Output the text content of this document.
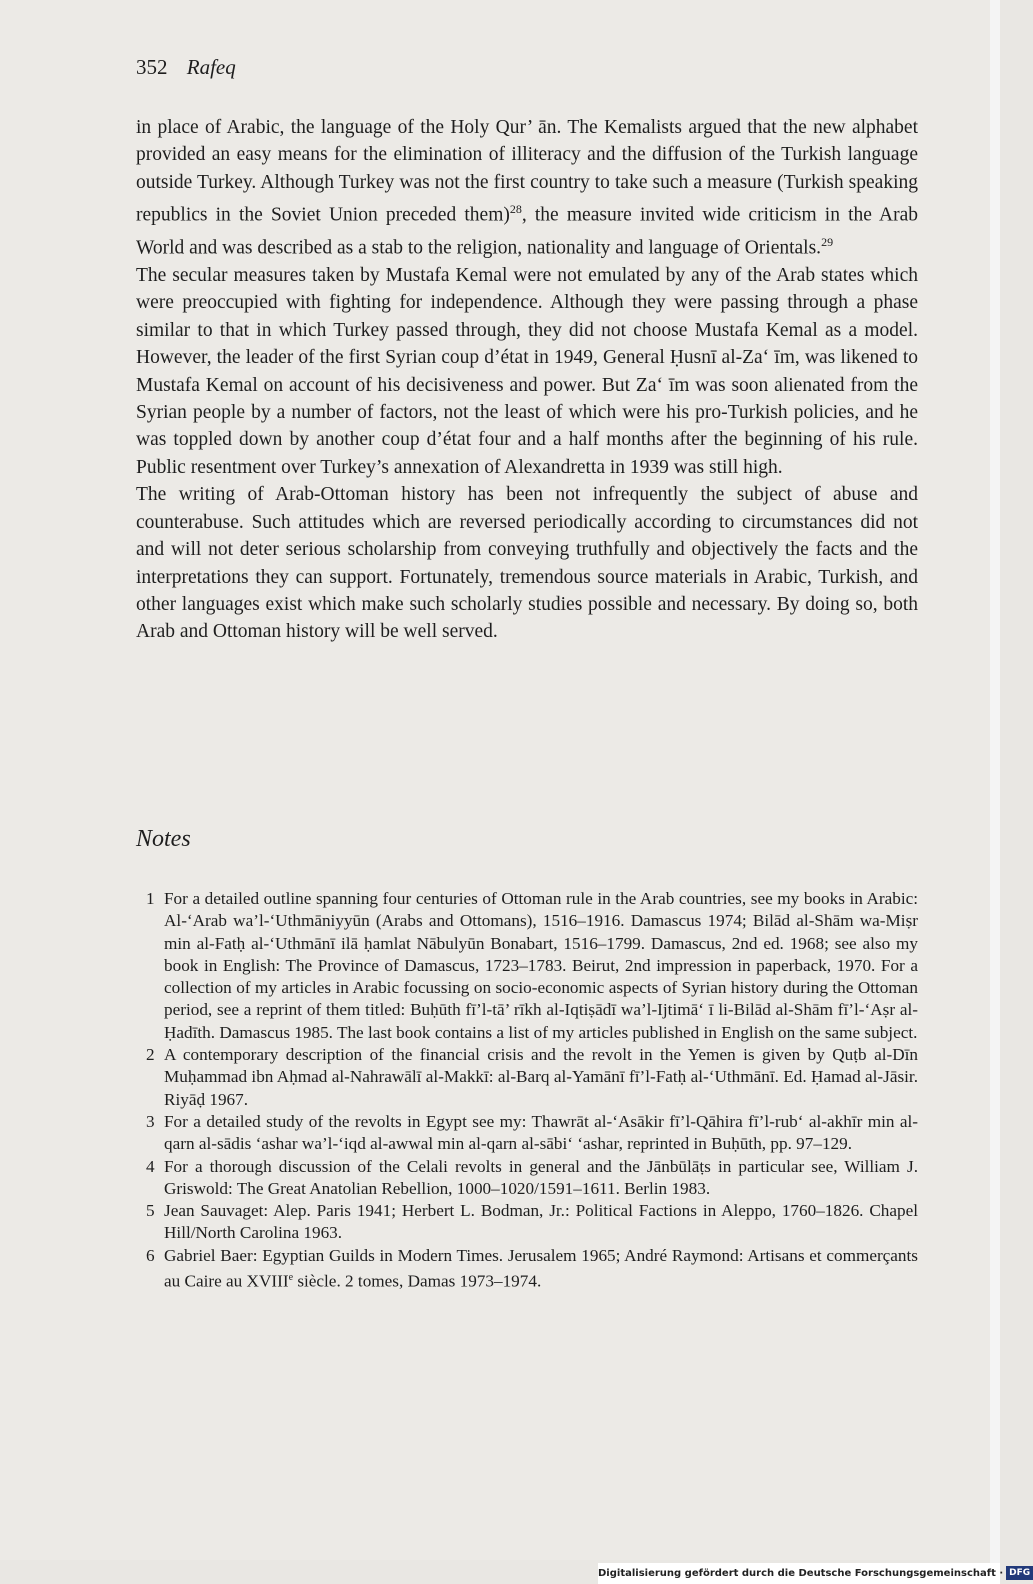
352 Rafeq

in place of Arabic, the language of the Holy Qur’ ān. The Kemalists argued that the new alphabet provided an easy means for the elimination of illiteracy and the diffusion of the Turkish language outside Turkey. Although Turkey was not the first country to take such a measure (Turkish speaking republics in the Soviet Union preceded them)$^{28}$, the measure invited wide criticism in the Arab World and was described as a stab to the religion, nationality and language of Orientals.$^{29}$

The secular measures taken by Mustafa Kemal were not emulated by any of the Arab states which were preoccupied with fighting for independence. Although they were passing through a phase similar to that in which Turkey passed through, they did not choose Mustafa Kemal as a model. However, the leader of the first Syrian coup d’état in 1949, General Ḥusnī al-Za‘ īm, was likened to Mustafa Kemal on account of his decisiveness and power. But Za‘ īm was soon alienated from the Syrian people by a number of factors, not the least of which were his pro-Turkish policies, and he was toppled down by another coup d’état four and a half months after the beginning of his rule. Public resentment over Turkey’s annexation of Alexandretta in 1939 was still high.

The writing of Arab-Ottoman history has been not infrequently the subject of abuse and counterabuse. Such attitudes which are reversed periodically according to circumstances did not and will not deter serious scholarship from conveying truthfully and objectively the facts and the interpretations they can support. Fortunately, tremendous source materials in Arabic, Turkish, and other languages exist which make such scholarly studies possible and necessary. By doing so, both Arab and Ottoman history will be well served.

Notes
1 For a detailed outline spanning four centuries of Ottoman rule in the Arab countries, see my books in Arabic: Al-‘Arab wa’l-‘Uthmāniyyūn (Arabs and Ottomans), 1516–1916. Damascus 1974; Bilād al-Shām wa-Miṣr min al-Fatḥ al-‘Uthmānī ilā ḥamlat Nābulyūn Bonabart, 1516–1799. Damascus, 2nd ed. 1968; see also my book in English: The Province of Damascus, 1723–1783. Beirut, 2nd impression in paperback, 1970. For a collection of my articles in Arabic focussing on socio-economic aspects of Syrian history during the Ottoman period, see a reprint of them titled: Buḥūth fī’l-tā’ rīkh al-Iqtiṣādī wa’l-Ijtimā‘ ī li-Bilād al-Shām fī’l-‘Aṣr al-Ḥadīth. Damascus 1985. The last book contains a list of my articles published in English on the same subject.
2 A contemporary description of the financial crisis and the revolt in the Yemen is given by Quṭb al-Dīn Muḥammad ibn Aḥmad al-Nahrawālī al-Makkī: al-Barq al-Yamānī fī’l-Fatḥ al-‘Uthmānī. Ed. Ḥamad al-Jāsir. Riyāḍ 1967.
3 For a detailed study of the revolts in Egypt see my: Thawrāt al-‘Asākir fī’l-Qāhira fī’l-rub‘ al-akhīr min al-qarn al-sādis ‘ashar wa’l-‘iqd al-awwal min al-qarn al-sābi‘ ‘ashar, reprinted in Buḥūth, pp. 97–129.
4 For a thorough discussion of the Celali revolts in general and the Jānbūlāṭs in particular see, William J. Griswold: The Great Anatolian Rebellion, 1000–1020/1591–1611. Berlin 1983.
5 Jean Sauvaget: Alep. Paris 1941; Herbert L. Bodman, Jr.: Political Factions in Aleppo, 1760–1826. Chapel Hill/North Carolina 1963.
6 Gabriel Baer: Egyptian Guilds in Modern Times. Jerusalem 1965; André Raymond: Artisans et commerçants au Caire au XVIIIe siècle. 2 tomes, Damas 1973–1974.
Digitalisierung gefördert durch die Deutsche Forschungsgemeinschaft · DFG
